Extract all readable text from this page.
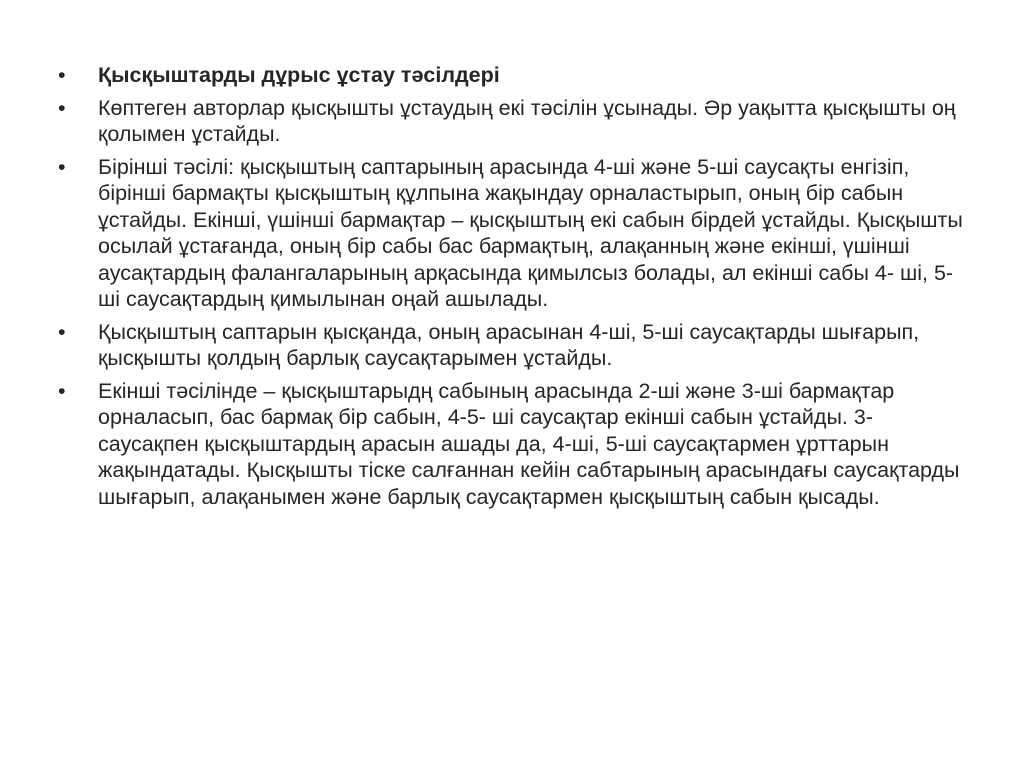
•	Қысқыштарды дұрыс ұстау тәсілдері
•	Көптеген авторлар қысқышты ұстаудың екі тәсілін ұсынады. Әр уақытта қысқышты оң қолымен ұстайды.
•	Бірінші тәсілі: қысқыштың саптарының арасында 4-ші және 5-ші саусақты енгізіп, бірінші бармақты қысқыштың құлпына жақындау орналастырып, оның бір сабын ұстайды. Екінші, үшінші бармақтар – қысқыштың екі сабын бірдей ұстайды. Қысқышты осылай ұстағанда, оның бір сабы бас бармақтың, алақанның және екінші, үшінші аусақтардың фалангаларының арқасында қимылсыз болады, ал екінші сабы 4- ші, 5-ші саусақтардың қимылынан оңай ашылады.
•	Қысқыштың саптарын қысқанда, оның арасынан 4-ші, 5-ші саусақтарды шығарып, қысқышты қолдың барлық саусақтарымен ұстайды.
•	Екінші тәсілінде – қысқыштарыдң сабының арасында 2-ші және 3-ші бармақтар орналасып, бас бармақ бір сабын, 4-5- ші саусақтар екінші сабын ұстайды. 3- саусақпен қысқыштардың арасын ашады да, 4-ші, 5-ші саусақтармен ұрттарын жақындатады. Қысқышты тіске салғаннан кейін сабтарының арасындағы саусақтарды шығарып, алақанымен және барлық саусақтармен қысқыштың сабын қысады.
